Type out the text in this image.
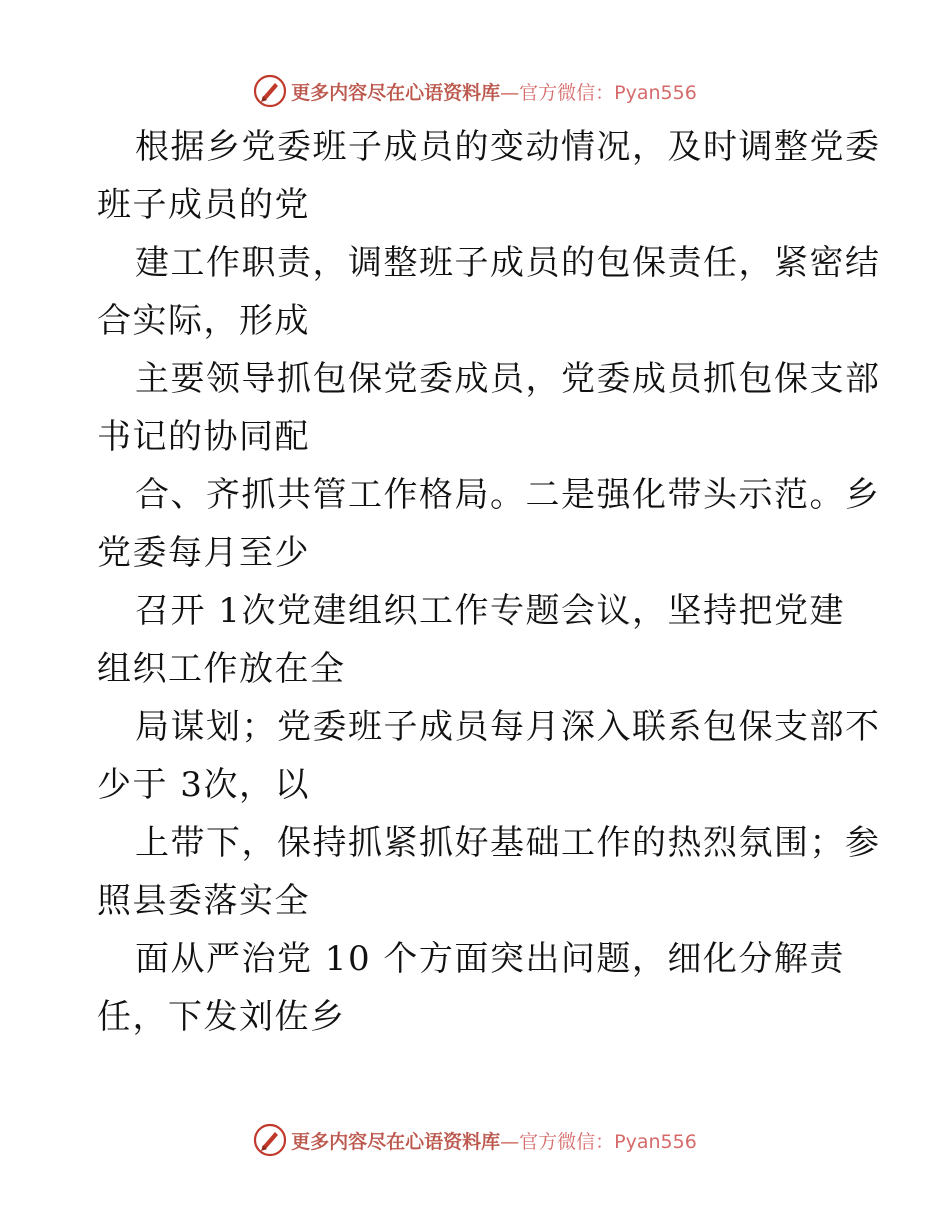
更多内容尽在心语资料库—官方微信：Pyan556
根据乡党委班子成员的变动情况，及时调整党委
班子成员的党
建工作职责，调整班子成员的包保责任，紧密结
合实际，形成
主要领导抓包保党委成员，党委成员抓包保支部
书记的协同配
合、齐抓共管工作格局。二是强化带头示范。乡
党委每月至少
召开 1次党建组织工作专题会议，坚持把党建
组织工作放在全
局谋划；党委班子成员每月深入联系包保支部不
少于 3次，以
上带下，保持抓紧抓好基础工作的热烈氛围；参
照县委落实全
面从严治党 10 个方面突出问题，细化分解责
任，下发刘佐乡
更多内容尽在心语资料库—官方微信：Pyan556
